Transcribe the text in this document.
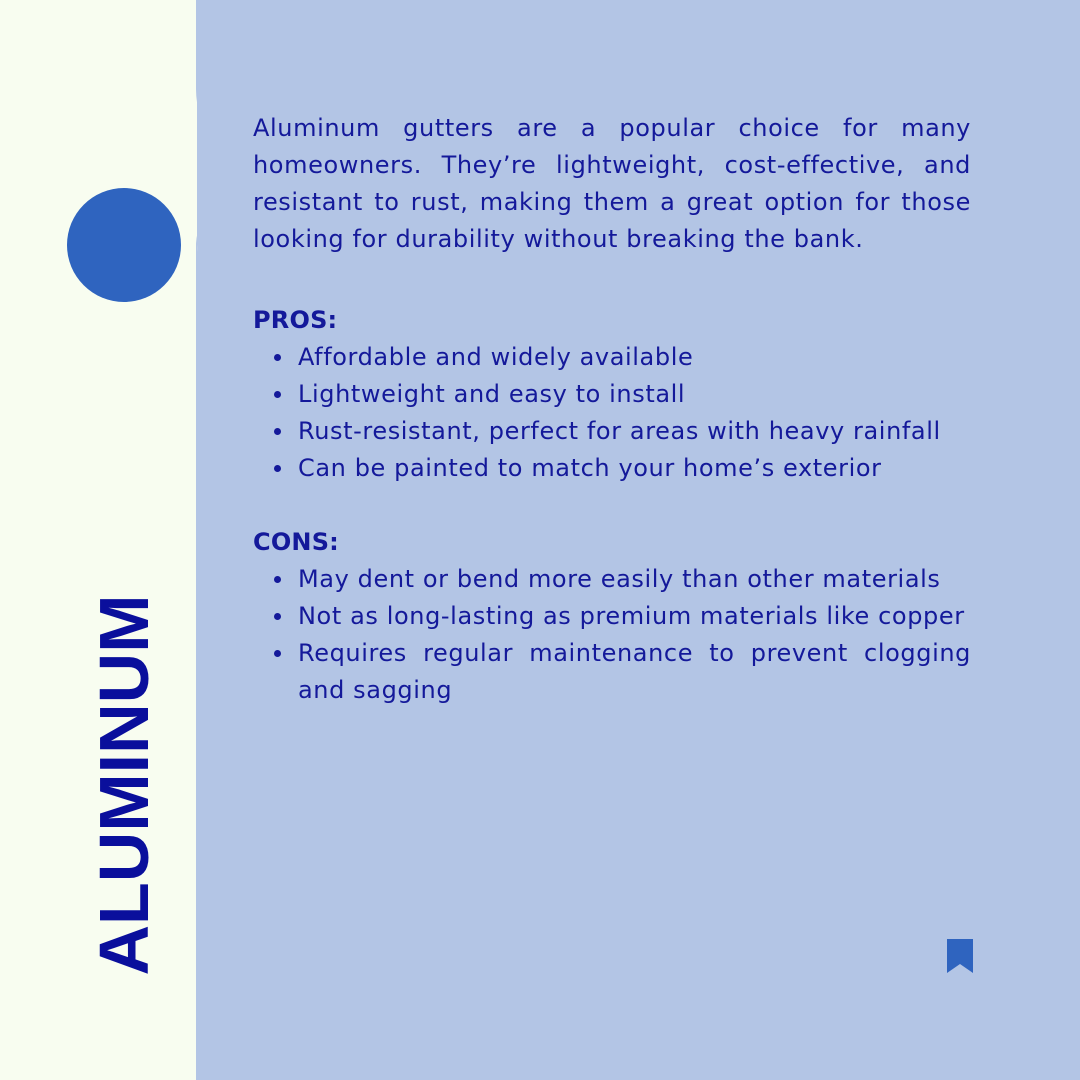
ALUMINUM

Aluminum gutters are a popular choice for many homeowners. They’re lightweight, cost-effective, and resistant to rust, making them a great option for those looking for durability without breaking the bank.

PROS:

Affordable and widely available
Lightweight and easy to install
Rust-resistant, perfect for areas with heavy rainfall
Can be painted to match your home’s exterior

CONS:

May dent or bend more easily than other materials
Not as long-lasting as premium materials like copper
Requires regular maintenance to prevent clogging and sagging
